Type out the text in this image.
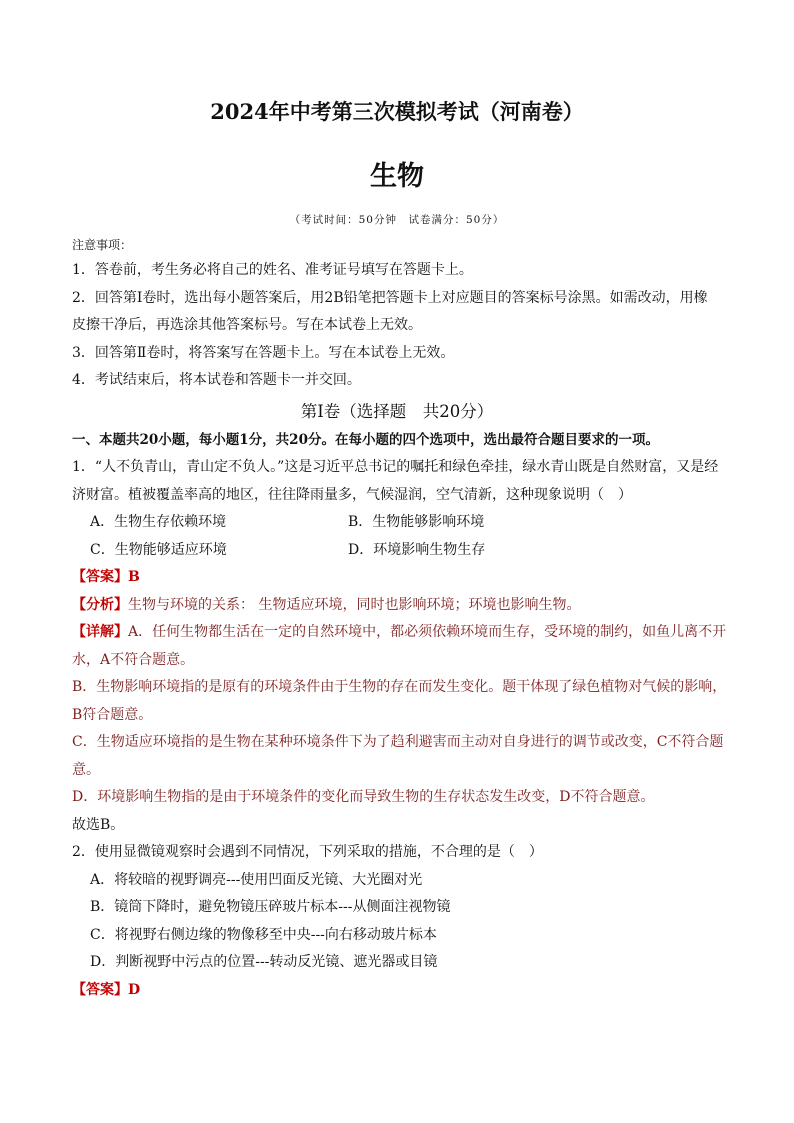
2024年中考第三次模拟考试（河南卷）
生物
（考试时间：50分钟　试卷满分：50分）
注意事项：
1．答卷前，考生务必将自己的姓名、准考证号填写在答题卡上。
2．回答第Ⅰ卷时，选出每小题答案后，用2B铅笔把答题卡上对应题目的答案标号涂黑。如需改动，用橡
皮擦干净后，再选涂其他答案标号。写在本试卷上无效。
3．回答第Ⅱ卷时，将答案写在答题卡上。写在本试卷上无效。
4．考试结束后，将本试卷和答题卡一并交回。
第Ⅰ卷（选择题　共20分）
一、本题共20小题，每小题1分，共20分。在每小题的四个选项中，选出最符合题目要求的一项。
1．“人不负青山，青山定不负人。”这是习近平总书记的嘱托和绿色牵挂，绿水青山既是自然财富，又是经
济财富。植被覆盖率高的地区，往往降雨量多，气候湿润，空气清新，这种现象说明（　）
A．生物生存依赖环境	B．生物能够影响环境
C．生物能够适应环境	D．环境影响生物生存
【答案】B
【分析】生物与环境的关系： 生物适应环境，同时也影响环境；环境也影响生物。
【详解】A．任何生物都生活在一定的自然环境中，都必须依赖环境而生存，受环境的制约，如鱼儿离不开
水，A不符合题意。
B．生物影响环境指的是原有的环境条件由于生物的存在而发生变化。题干体现了绿色植物对气候的影响，
B符合题意。
C．生物适应环境指的是生物在某种环境条件下为了趋利避害而主动对自身进行的调节或改变，C不符合题
意。
D．环境影响生物指的是由于环境条件的变化而导致生物的生存状态发生改变，D不符合题意。
故选B。
2．使用显微镜观察时会遇到不同情况，下列采取的措施，不合理的是（　）
A．将较暗的视野调亮---使用凹面反光镜、大光圈对光
B．镜筒下降时，避免物镜压碎玻片标本---从侧面注视物镜
C．将视野右侧边缘的物像移至中央---向右移动玻片标本
D．判断视野中污点的位置---转动反光镜、遮光器或目镜
【答案】D
